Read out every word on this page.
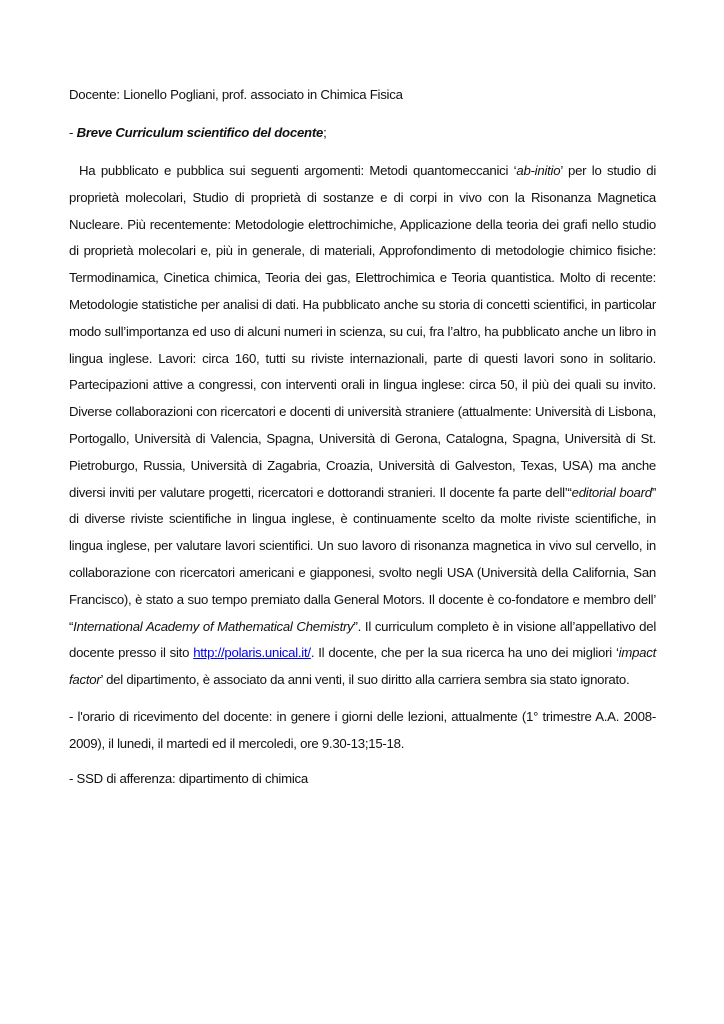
Docente: Lionello Pogliani, prof. associato in Chimica Fisica

- Breve Curriculum scientifico del docente;

Ha pubblicato e pubblica sui seguenti argomenti: Metodi quantomeccanici ‘ab-initio’ per lo studio di proprietà molecolari, Studio di proprietà di sostanze e di corpi in vivo con la Risonanza Magnetica Nucleare. Più recentemente: Metodologie elettrochimiche, Applicazione della teoria dei grafi nello studio di proprietà molecolari e, più in generale, di materiali, Approfondimento di metodologie chimico fisiche: Termodinamica, Cinetica chimica, Teoria dei gas, Elettrochimica e Teoria quantistica. Molto di recente: Metodologie statistiche per analisi di dati. Ha pubblicato anche su storia di concetti scientifici, in particolar modo sull’importanza ed uso di alcuni numeri in scienza, su cui, fra l’altro, ha pubblicato anche un libro in lingua inglese. Lavori: circa 160, tutti su riviste internazionali, parte di questi lavori sono in solitario. Partecipazioni attive a congressi, con interventi orali in lingua inglese: circa 50, il più dei quali su invito. Diverse collaborazioni con ricercatori e docenti di università straniere (attualmente: Università di Lisbona, Portogallo, Università di Valencia, Spagna, Università di Gerona, Catalogna, Spagna, Università di St. Pietroburgo, Russia, Università di Zagabria, Croazia, Università di Galveston, Texas, USA) ma anche diversi inviti per valutare progetti, ricercatori e dottorandi stranieri. Il docente fa parte dell’“editorial board” di diverse riviste scientifiche in lingua inglese, è continuamente scelto da molte riviste scientifiche, in lingua inglese, per valutare lavori scientifici. Un suo lavoro di risonanza magnetica in vivo sul cervello, in collaborazione con ricercatori americani e giapponesi, svolto negli USA (Università della California, San Francisco), è stato a suo tempo premiato dalla General Motors. Il docente è co-fondatore e membro dell’ “International Academy of Mathematical Chemistry”. Il curriculum completo è in visione all’appellativo del docente presso il sito http://polaris.unical.it/. Il docente, che per la sua ricerca ha uno dei migliori ‘impact factor’ del dipartimento, è associato da anni venti, il suo diritto alla carriera sembra sia stato ignorato.

- l'orario di ricevimento del docente: in genere i giorni delle lezioni, attualmente (1° trimestre A.A. 2008-2009), il lunedi, il martedi ed il mercoledi, ore 9.30-13;15-18.

- SSD di afferenza: dipartimento di chimica
